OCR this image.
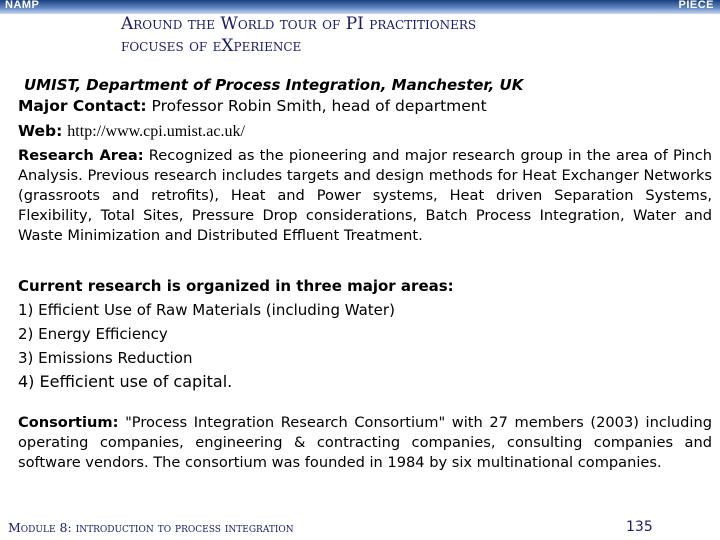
NAMP	PIECE
Around the World tour of PI practitioners
focuses of eXperience
UMIST, Department of Process Integration, Manchester, UK
Major Contact: Professor Robin Smith, head of department
Web: http://www.cpi.umist.ac.uk/
Research Area: Recognized as the pioneering and major research group in the area of Pinch Analysis. Previous research includes targets and design methods for Heat Exchanger Networks (grassroots and retrofits), Heat and Power systems, Heat driven Separation Systems, Flexibility, Total Sites, Pressure Drop considerations, Batch Process Integration, Water and Waste Minimization and Distributed Effluent Treatment.
Current research is organized in three major areas:
1) Efficient Use of Raw Materials (including Water)
2) Energy Efficiency
3) Emissions Reduction
4) Eefficient use of capital.
Consortium: "Process Integration Research Consortium" with 27 members (2003) including operating companies, engineering & contracting companies, consulting companies and software vendors. The consortium was founded in 1984 by six multinational companies.
Module 8: introduction to process integration	135
